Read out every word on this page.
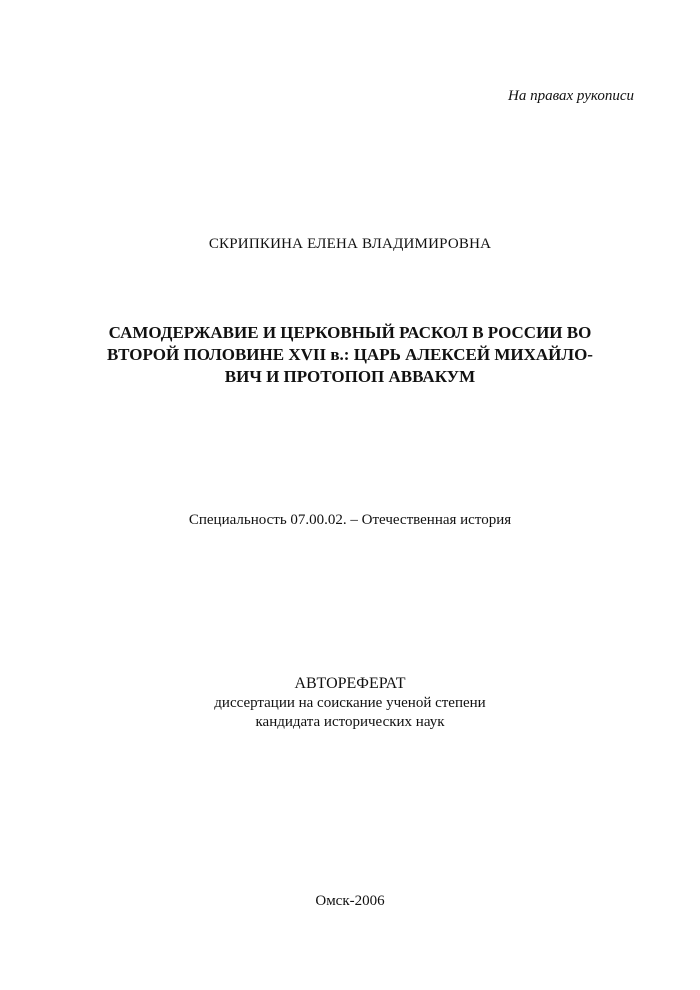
На правах рукописи
СКРИПКИНА ЕЛЕНА ВЛАДИМИРОВНА
САМОДЕРЖАВИЕ И ЦЕРКОВНЫЙ РАСКОЛ В РОССИИ ВО
ВТОРОЙ ПОЛОВИНЕ XVII в.: ЦАРЬ АЛЕКСЕЙ МИХАЙЛО-
ВИЧ И ПРОТОПОП АВВАКУМ
Специальность 07.00.02. – Отечественная история
АВТОРЕФЕРАТ
диссертации на соискание ученой степени
кандидата исторических наук
Омск-2006
